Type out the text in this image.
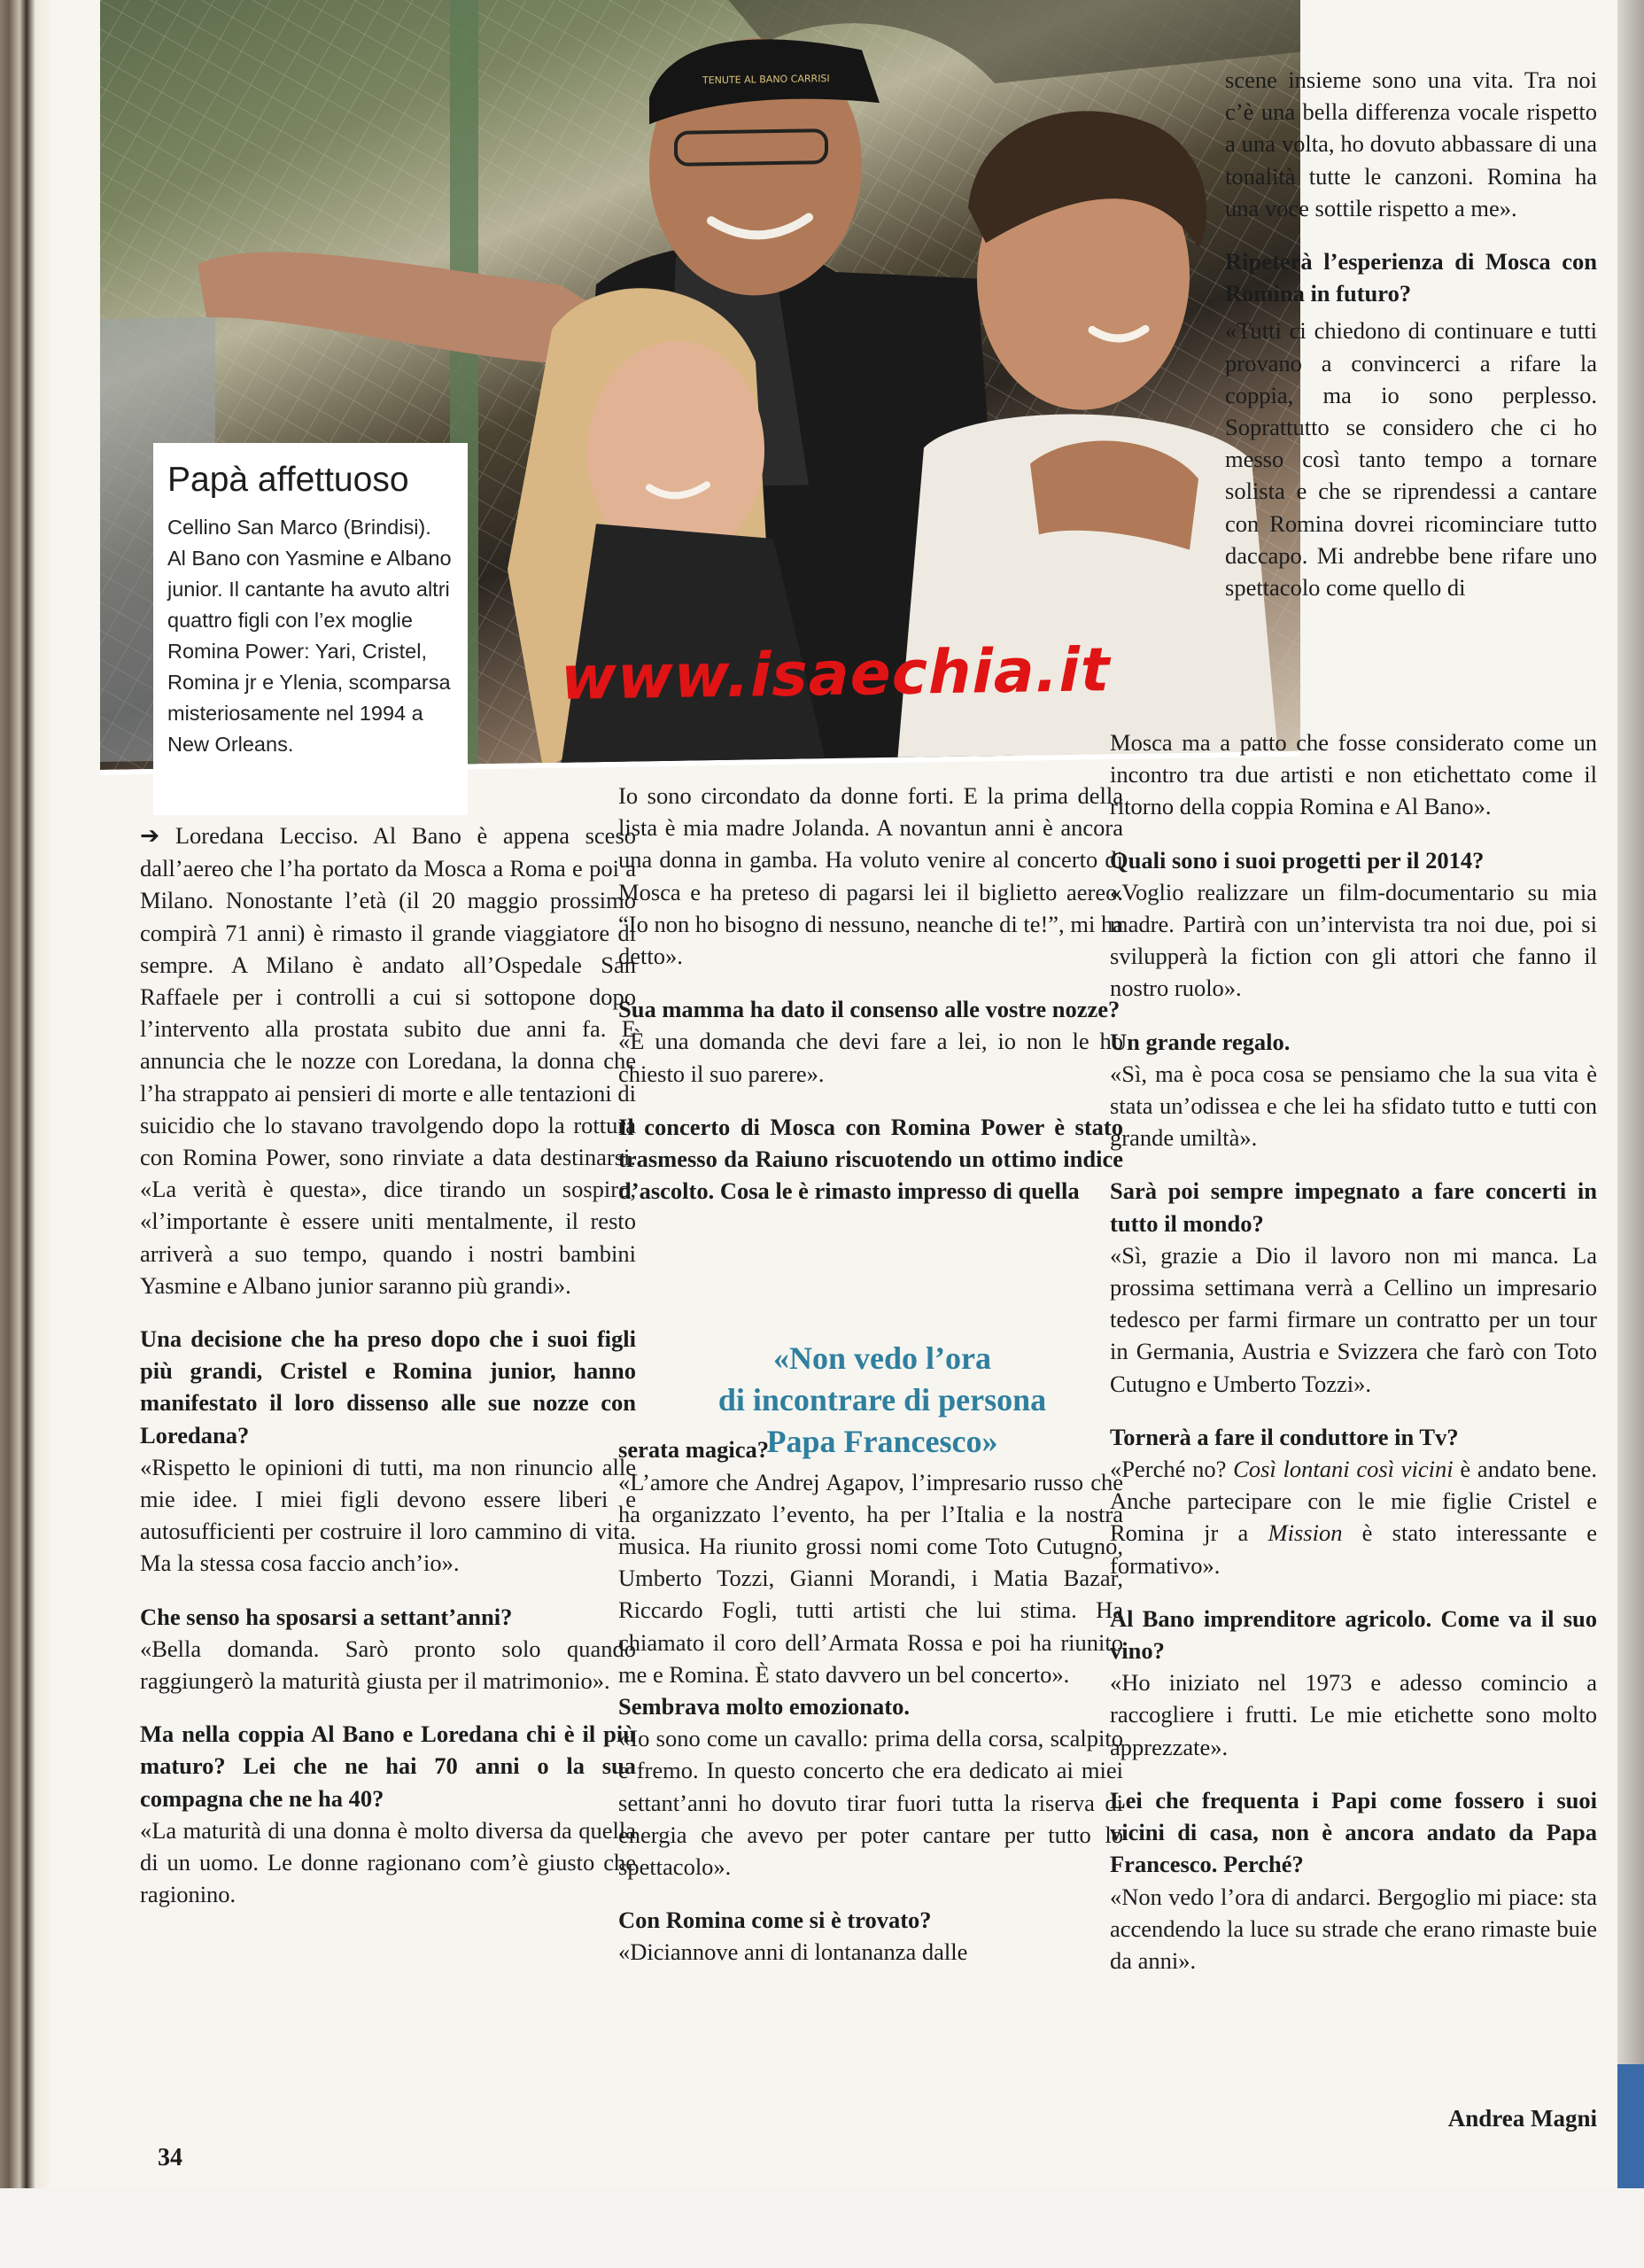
TENUTE AL BANO CARRISI
www.isaechia.it
Papà affettuoso
Cellino San Marco (Brindisi). Al Bano con Yasmine e Albano junior. Il cantante ha avuto altri quattro figli con l’ex moglie Romina Power: Yari, Cristel, Romina jr e Ylenia, scomparsa misteriosamente nel 1994 a New Orleans.

scene insieme sono una vita. Tra noi c’è una bella differenza vocale rispetto a una volta, ho dovuto abbassare di una tonalità tutte le canzoni. Romina ha una voce sottile rispetto a me».

Ripeterà l’esperienza di Mosca con Romina in futuro?

«Tutti ci chiedono di continuare e tutti provano a convincerci a rifare la coppia, ma io sono perplesso. Soprattutto se considero che ci ho messo così tanto tempo a tornare solista e che se riprendessi a cantare con Romina dovrei ricominciare tutto daccapo. Mi andrebbe bene rifare uno spettacolo come quello di

➔ Loredana Lecciso. Al Bano è appena sceso dall’aereo che l’ha portato da Mosca a Roma e poi a Milano. Nonostante l’età (il 20 maggio prossimo compirà 71 anni) è rimasto il grande viaggiatore di sempre. A Milano è andato all’Ospedale San Raffaele per i controlli a cui si sottopone dopo l’intervento alla prostata subito due anni fa. E annuncia che le nozze con Loredana, la donna che l’ha strappato ai pensieri di morte e alle tentazioni di suicidio che lo stavano travolgendo dopo la rottura con Romina Power, sono rinviate a data destinarsi. «La verità è questa», dice tirando un sospiro, «l’importante è essere uniti mentalmente, il resto arriverà a suo tempo, quando i nostri bambini Yasmine e Albano junior saranno più grandi».

Una decisione che ha preso dopo che i suoi figli più grandi, Cristel e Romina junior, hanno manifestato il loro dissenso alle sue nozze con Loredana?

«Rispetto le opinioni di tutti, ma non rinuncio alle mie idee. I miei figli devono essere liberi e autosufficienti per costruire il loro cammino di vita. Ma la stessa cosa faccio anch’io».

Che senso ha sposarsi a settant’anni?

«Bella domanda. Sarò pronto solo quando raggiungerò la maturità giusta per il matrimonio».

Ma nella coppia Al Bano e Loredana chi è il più maturo? Lei che ne hai 70 anni o la sua compagna che ne ha 40?

«La maturità di una donna è molto diversa da quella di un uomo. Le donne ragionano com’è giusto che ragionino.

Io sono circondato da donne forti. E la prima della lista è mia madre Jolanda. A novantun anni è ancora una donna in gamba. Ha voluto venire al concerto di Mosca e ha preteso di pagarsi lei il biglietto aereo. “Io non ho bisogno di nessuno, neanche di te!”, mi ha detto».

Sua mamma ha dato il consenso alle vostre nozze?

«È una domanda che devi fare a lei, io non le ho chiesto il suo parere».

Il concerto di Mosca con Romina Power è stato trasmesso da Raiuno riscuotendo un ottimo indice d’ascolto. Cosa le è rimasto impresso di quella

serata magica?

«L’amore che Andrej Agapov, l’impresario russo che ha organizzato l’evento, ha per l’Italia e la nostra musica. Ha riunito grossi nomi come Toto Cutugno, Umberto Tozzi, Gianni Morandi, i Matia Bazar, Riccardo Fogli, tutti artisti che lui stima. Ha chiamato il coro dell’Armata Rossa e poi ha riunito me e Romina. È stato davvero un bel concerto».

Sembrava molto emozionato.

«Io sono come un cavallo: prima della corsa, scalpito e fremo. In questo concerto che era dedicato ai miei settant’anni ho dovuto tirar fuori tutta la riserva di energia che avevo per poter cantare per tutto lo spettacolo».

Con Romina come si è trovato?

«Diciannove anni di lontananza dalle

«Non vedo l’ora
di incontrare di persona
Papa Francesco»

Mosca ma a patto che fosse considerato come un incontro tra due artisti e non etichettato come il ritorno della coppia Romina e Al Bano».

Quali sono i suoi progetti per il 2014?

«Voglio realizzare un film-documentario su mia madre. Partirà con un’intervista tra noi due, poi si svilupperà la fiction con gli attori che fanno il nostro ruolo».

Un grande regalo.

«Sì, ma è poca cosa se pensiamo che la sua vita è stata un’odissea e che lei ha sfidato tutto e tutti con grande umiltà».

Sarà poi sempre impegnato a fare concerti in tutto il mondo?

«Sì, grazie a Dio il lavoro non mi manca. La prossima settimana verrà a Cellino un impresario tedesco per farmi firmare un contratto per un tour in Germania, Austria e Svizzera che farò con Toto Cutugno e Umberto Tozzi».

Tornerà a fare il conduttore in Tv?

«Perché no? Così lontani così vicini è andato bene. Anche partecipare con le mie figlie Cristel e Romina jr a Mission è stato interessante e formativo».

Al Bano imprenditore agricolo. Come va il suo vino?

«Ho iniziato nel 1973 e adesso comincio a raccogliere i frutti. Le mie etichette sono molto apprezzate».

Lei che frequenta i Papi come fossero i suoi vicini di casa, non è ancora andato da Papa Francesco. Perché?

«Non vedo l’ora di andarci. Bergoglio mi piace: sta accendendo la luce su strade che erano rimaste buie da anni».

34
Andrea Magni
